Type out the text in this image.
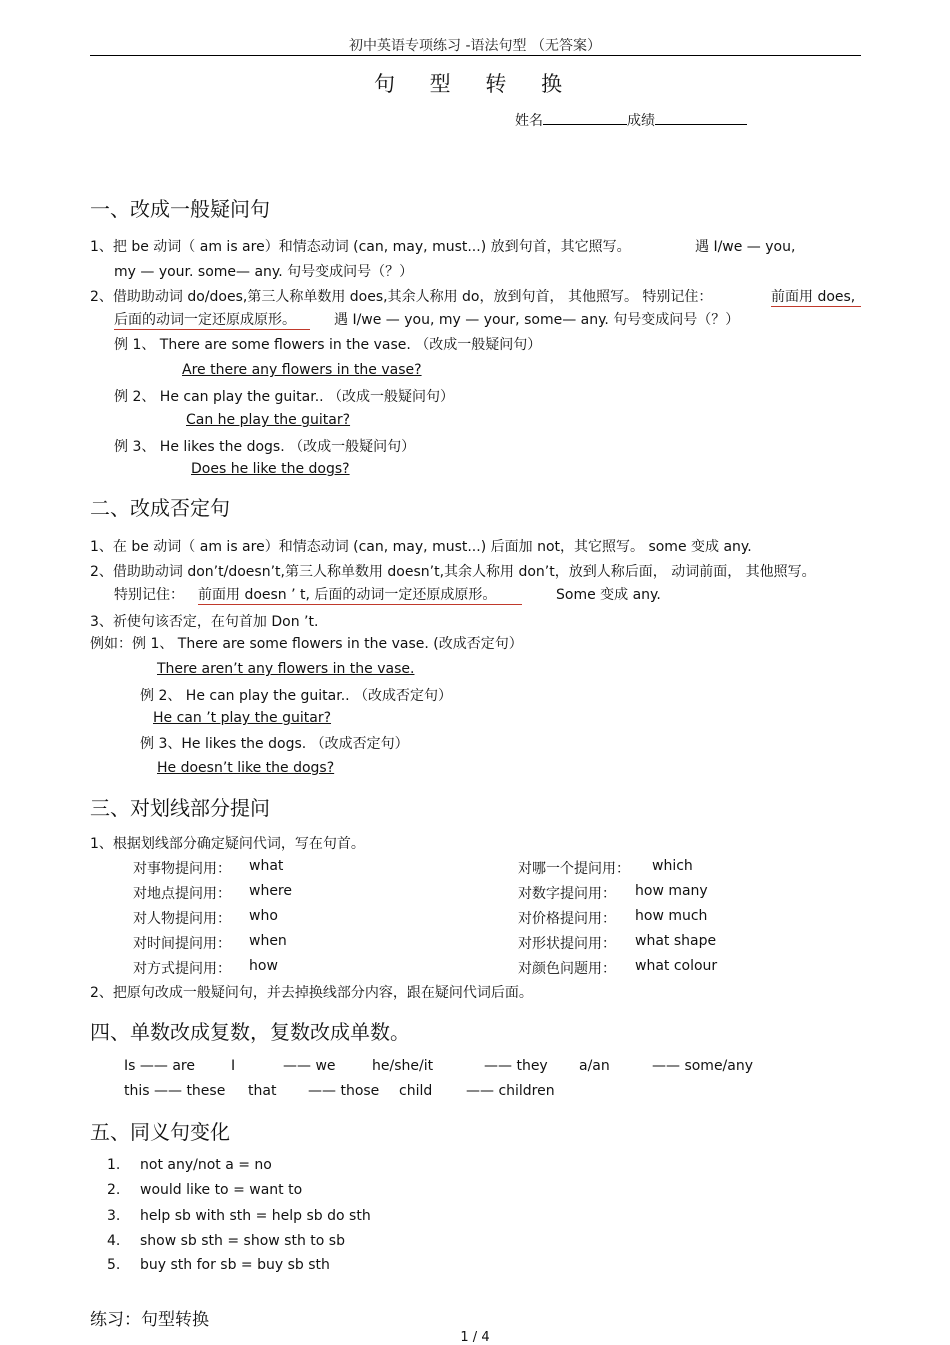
初中英语专项练习 -语法句型 （无答案）
句 型 转 换
姓名	成绩
一、改成一般疑问句
1、把 be 动词（ am is are）和情态动词 (can, may, must...) 放到句首，其它照写。	遇 I/we — you,
my — your. some— any. 句号变成问号（？）
2、借助助动词 do/does,第三人称单数用 does,其余人称用 do，放到句首， 其他照写。 特别记住：	前面用 does,
后面的动词一定还原成原形。	遇 I/we — you, my — your, some— any. 句号变成问号（？）
例 1、 There are some flowers in the vase. （改成一般疑问句）
Are there any flowers in the vase?
例 2、 He can play the guitar.. （改成一般疑问句）
Can he play the guitar?
例 3、 He likes the dogs. （改成一般疑问句）
Does he like the dogs?
二、改成否定句
1、在 be 动词（ am is are）和情态动词 (can, may, must...) 后面加 not，其它照写。 some 变成 any.
2、借助助动词 don’t/doesn’t,第三人称单数用 doesn’t,其余人称用 don’t，放到人称后面， 动词前面， 其他照写。
特别记住： 前面用 doesn ’ t, 后面的动词一定还原成原形。	Some 变成 any.
3、祈使句该否定，在句首加 Don ’t.
例如：例 1、 There are some flowers in the vase. (改成否定句）
There aren’t any flowers in the vase.
例 2、 He can play the guitar.. （改成否定句）
He can ’t play the guitar?
例 3、He likes the dogs. （改成否定句）
He doesn’t like the dogs?
三、对划线部分提问
1、根据划线部分确定疑问代词，写在句首。
对事物提问用： what
对地点提问用： where
对人物提问用： who
对时间提问用： when
对方式提问用： how
对哪一个提问用： which
对数字提问用： how many
对价格提问用： how much
对形状提问用： what shape
对颜色问题用： what colour
2、把原句改成一般疑问句，并去掉换线部分内容，跟在疑问代词后面。
四、单数改成复数，复数改成单数。
Is —— are	I	—— we	he/she/it	—— they a/an	—— some/any
this —— these that —— those child —— children
五、同义句变化
1. not any/not a = no
2. would like to = want to
3. help sb with sth = help sb do sth
4. show sb sth = show sth to sb
5. buy sth for sb = buy sb sth
练习：句型转换
1 / 4
